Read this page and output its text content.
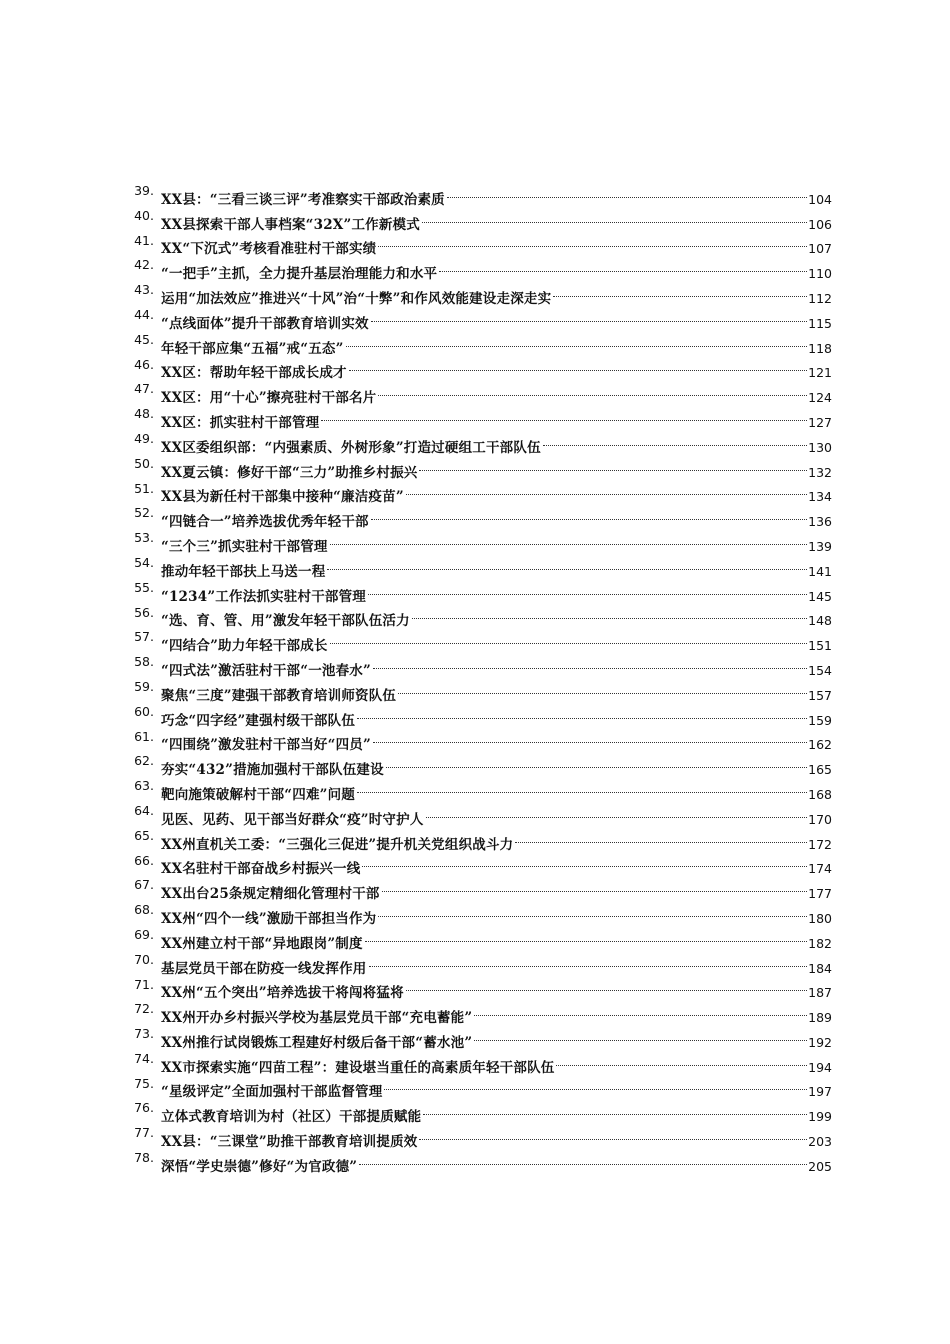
39.
XX县：“三看三谈三评”考准察实干部政治素质	104
40.
XX县探索干部人事档案“32X”工作新模式	106
41.
XX“下沉式”考核看准驻村干部实绩	107
42.
“一把手”主抓，全力提升基层治理能力和水平	110
43.
运用“加法效应”推进兴“十风”治“十弊”和作风效能建设走深走实	112
44.
“点线面体”提升干部教育培训实效	115
45.
年轻干部应集“五福”戒“五态”	118
46.
XX区：帮助年轻干部成长成才	121
47.
XX区：用“十心”擦亮驻村干部名片	124
48.
XX区：抓实驻村干部管理	127
49.
XX区委组织部：“内强素质、外树形象”打造过硬组工干部队伍	130
50.
XX夏云镇：修好干部“三力”助推乡村振兴	132
51.
XX县为新任村干部集中接种“廉洁疫苗”	134
52.
“四链合一”培养选拔优秀年轻干部	136
53.
“三个三”抓实驻村干部管理	139
54.
推动年轻干部扶上马送一程	141
55.
“1234”工作法抓实驻村干部管理	145
56.
“选、育、管、用”激发年轻干部队伍活力	148
57.
“四结合”助力年轻干部成长	151
58.
“四式法”激活驻村干部“一池春水”	154
59.
聚焦“三度”建强干部教育培训师资队伍	157
60.
巧念“四字经”建强村级干部队伍	159
61.
“四围绕”激发驻村干部当好“四员”	162
62.
夯实“432”措施加强村干部队伍建设	165
63.
靶向施策破解村干部“四难”问题	168
64.
见医、见药、见干部当好群众“疫”时守护人	170
65.
XX州直机关工委：“三强化三促进”提升机关党组织战斗力	172
66.
XX名驻村干部奋战乡村振兴一线	174
67.
XX出台25条规定精细化管理村干部	177
68.
XX州“四个一线”激励干部担当作为	180
69.
XX州建立村干部“异地跟岗”制度	182
70.
基层党员干部在防疫一线发挥作用	184
71.
XX州“五个突出”培养选拔干将闯将猛将	187
72.
XX州开办乡村振兴学校为基层党员干部“充电蓄能”	189
73.
XX州推行试岗锻炼工程建好村级后备干部“蓄水池”	192
74.
XX市探索实施“四苗工程”：建设堪当重任的高素质年轻干部队伍	194
75.
“星级评定”全面加强村干部监督管理	197
76.
立体式教育培训为村（社区）干部提质赋能	199
77.
XX县：“三课堂”助推干部教育培训提质效	203
78.
深悟“学史崇德”修好“为官政德”	205
